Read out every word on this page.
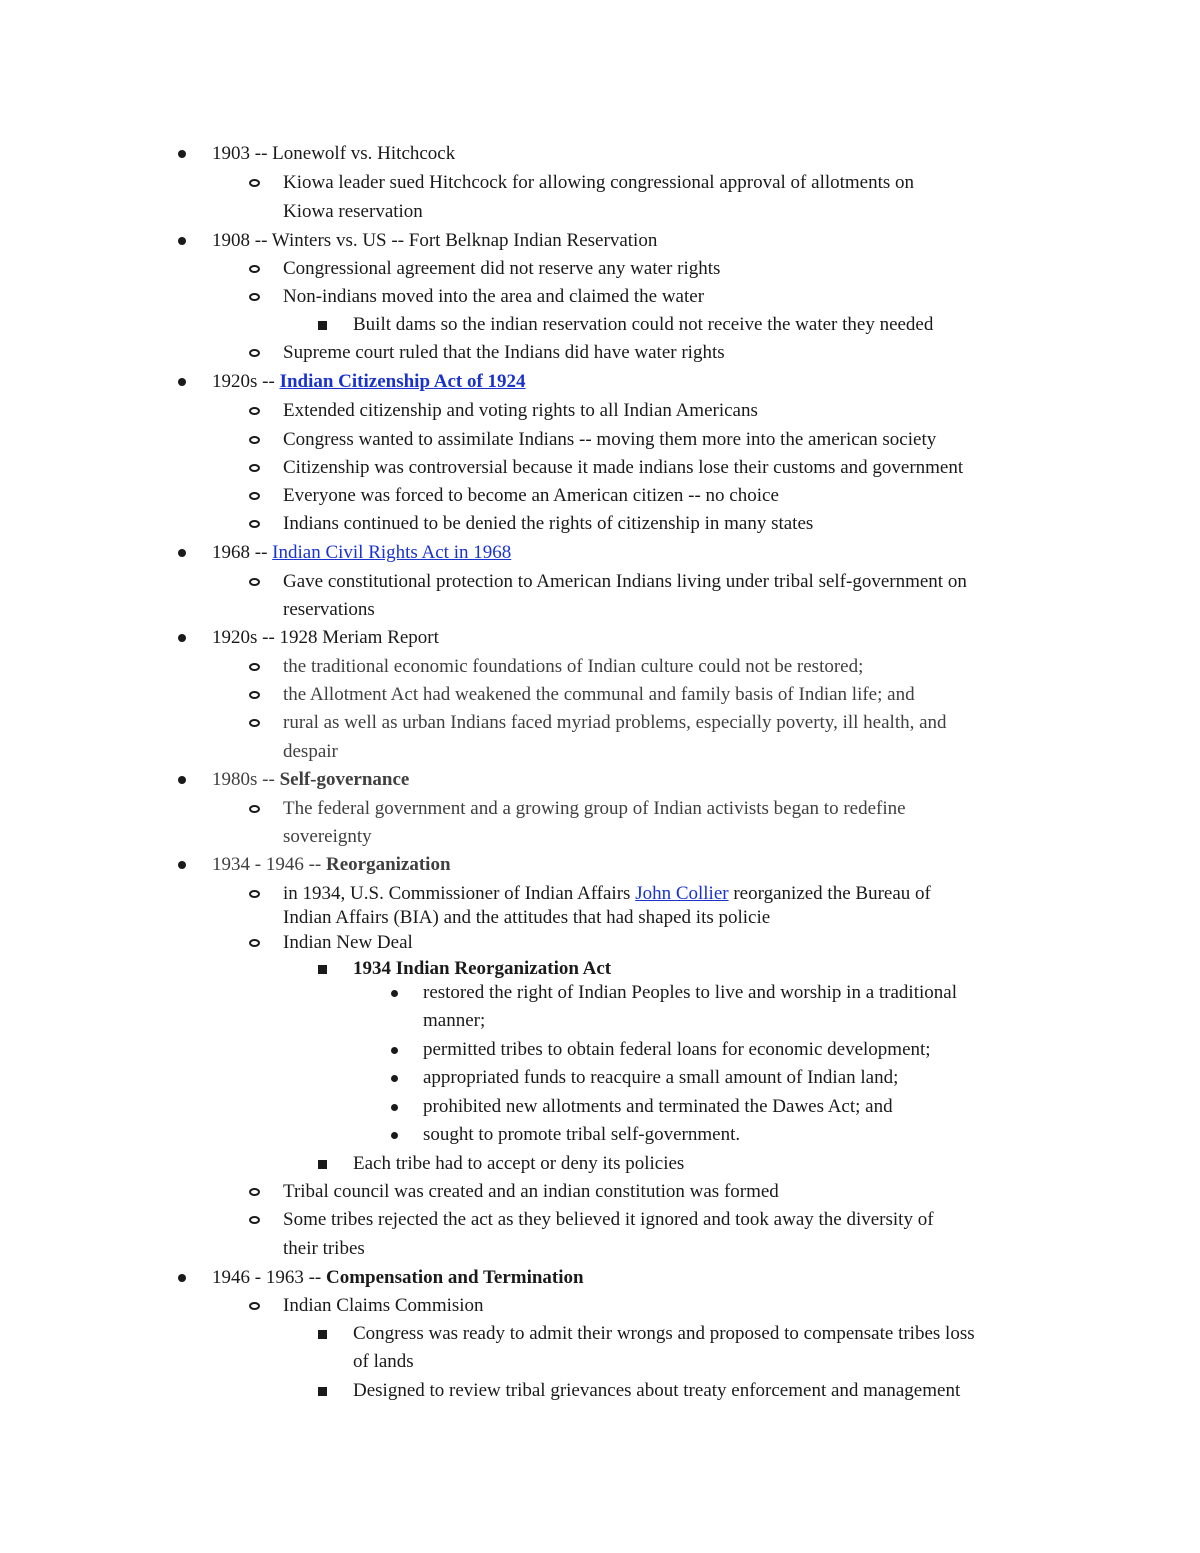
1903 -- Lonewolf vs. Hitchcock
Kiowa leader sued Hitchcock for allowing congressional approval of allotments on
Kiowa reservation
1908 -- Winters vs. US -- Fort Belknap Indian Reservation
Congressional agreement did not reserve any water rights
Non-indians moved into the area and claimed the water
Built dams so the indian reservation could not receive the water they needed
Supreme court ruled that the Indians did have water rights
1920s -- Indian Citizenship Act of 1924
Extended citizenship and voting rights to all Indian Americans
Congress wanted to assimilate Indians -- moving them more into the american society
Citizenship was controversial because it made indians lose their customs and government
Everyone was forced to become an American citizen -- no choice
Indians continued to be denied the rights of citizenship in many states
1968 -- Indian Civil Rights Act in 1968
Gave constitutional protection to American Indians living under tribal self-government on
reservations
1920s -- 1928 Meriam Report
the traditional economic foundations of Indian culture could not be restored;
the Allotment Act had weakened the communal and family basis of Indian life; and
rural as well as urban Indians faced myriad problems, especially poverty, ill health, and
despair
1980s -- Self-governance
The federal government and a growing group of Indian activists began to redefine
sovereignty
1934 - 1946 -- Reorganization
in 1934, U.S. Commissioner of Indian Affairs John Collier reorganized the Bureau of
Indian Affairs (BIA) and the attitudes that had shaped its policie
Indian New Deal
1934 Indian Reorganization Act
restored the right of Indian Peoples to live and worship in a traditional
manner;
permitted tribes to obtain federal loans for economic development;
appropriated funds to reacquire a small amount of Indian land;
prohibited new allotments and terminated the Dawes Act; and
sought to promote tribal self-government.
Each tribe had to accept or deny its policies
Tribal council was created and an indian constitution was formed
Some tribes rejected the act as they believed it ignored and took away the diversity of
their tribes
1946 - 1963 -- Compensation and Termination
Indian Claims Commision
Congress was ready to admit their wrongs and proposed to compensate tribes loss
of lands
Designed to review tribal grievances about treaty enforcement and management
